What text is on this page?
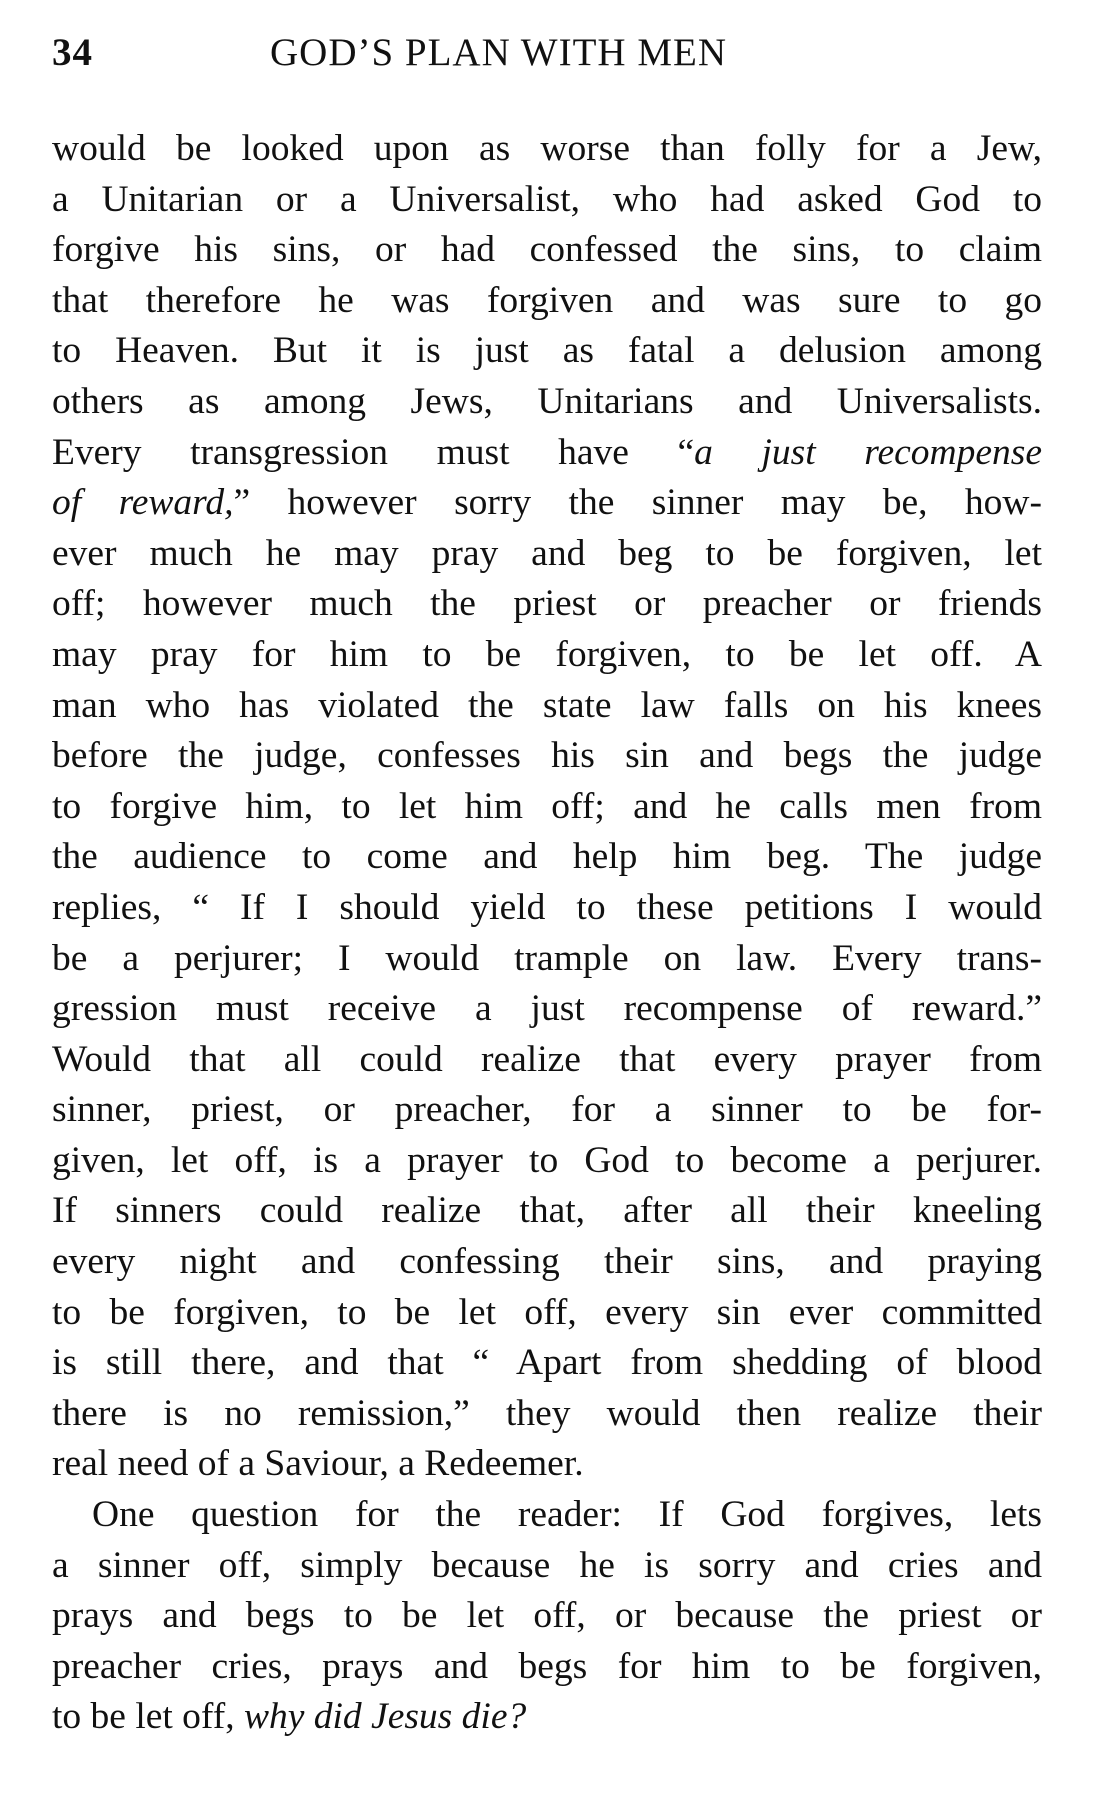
34	GOD’S PLAN WITH MEN
would be looked upon as worse than folly for a Jew,
a Unitarian or a Universalist, who had asked God to
forgive his sins, or had confessed the sins, to claim
that therefore he was forgiven and was sure to go
to Heaven. But it is just as fatal a delusion among
others as among Jews, Unitarians and Universalists.
Every transgression must have “a just recompense
of reward,” however sorry the sinner may be, how-
ever much he may pray and beg to be forgiven, let
off; however much the priest or preacher or friends
may pray for him to be forgiven, to be let off. A
man who has violated the state law falls on his knees
before the judge, confesses his sin and begs the judge
to forgive him, to let him off; and he calls men from
the audience to come and help him beg. The judge
replies, “ If I should yield to these petitions I would
be a perjurer; I would trample on law. Every trans-
gression must receive a just recompense of reward.”
Would that all could realize that every prayer from
sinner, priest, or preacher, for a sinner to be for-
given, let off, is a prayer to God to become a perjurer.
If sinners could realize that, after all their kneeling
every night and confessing their sins, and praying
to be forgiven, to be let off, every sin ever committed
is still there, and that “ Apart from shedding of blood
there is no remission,” they would then realize their
real need of a Saviour, a Redeemer.
One question for the reader: If God forgives, lets
a sinner off, simply because he is sorry and cries and
prays and begs to be let off, or because the priest or
preacher cries, prays and begs for him to be forgiven,
to be let off, why did Jesus die?
